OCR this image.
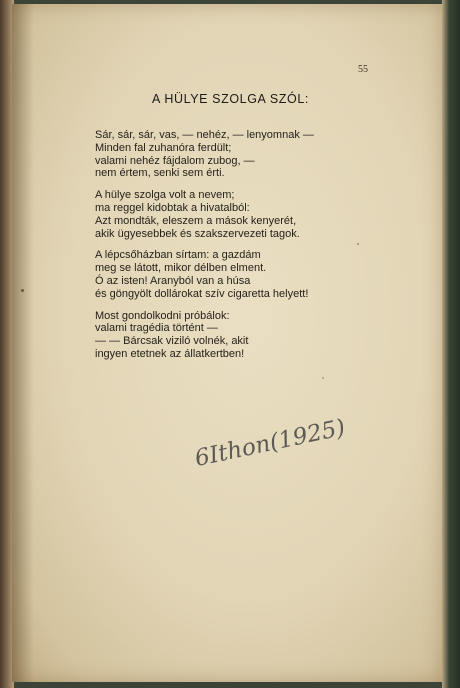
55
A HÜLYE SZOLGA SZÓL:
Sár, sár, sár, vas, — nehéz, — lenyomnak —
Minden fal zuhanóra ferdült;
valami nehéz fájdalom zubog, —
nem értem, senki sem érti.
A hülye szolga volt a nevem;
ma reggel kidobtak a hivatalból:
Azt mondták, eleszem a mások kenyerét,
akik ügyesebbek és szakszervezeti tagok.
A lépcsőházban sírtam: a gazdám
meg se látott, mikor délben elment.
Ó az isten! Aranyból van a húsa
és göngyölt dollárokat szív cigaretta helyett!
Most gondolkodni próbálok:
valami tragédia történt —
— — Bárcsak viziló volnék, akit
ingyen etetnek az állatkertben!
6Ithon(1925)
